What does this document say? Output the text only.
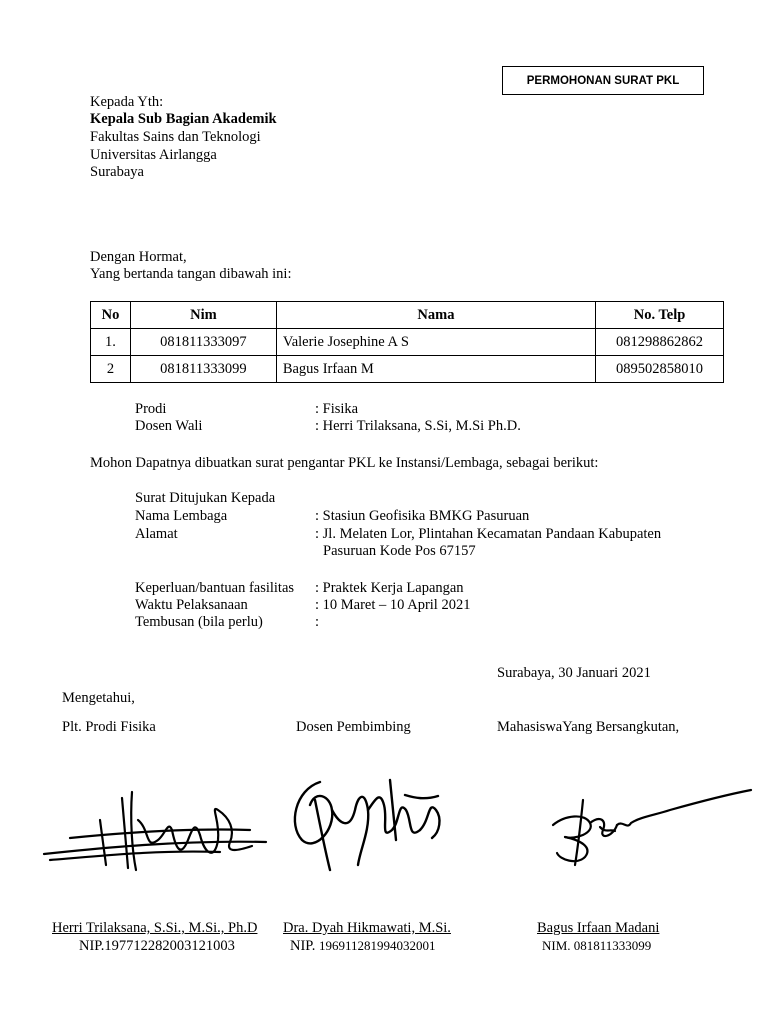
PERMOHONAN SURAT PKL
Kepada Yth:
Kepala Sub Bagian Akademik
Fakultas Sains dan Teknologi
Universitas Airlangga
Surabaya
Dengan Hormat,
Yang bertanda tangan dibawah ini:
No	Nim	Nama	No. Telp
1.	081811333097	Valerie Josephine A S	081298862862
2	081811333099	Bagus Irfaan M	089502858010
Prodi	: Fisika
Dosen Wali	: Herri Trilaksana, S.Si, M.Si Ph.D.
Mohon Dapatnya dibuatkan surat pengantar PKL ke Instansi/Lembaga, sebagai berikut:
Surat Ditujukan Kepada
Nama Lembaga	: Stasiun Geofisika BMKG Pasuruan
Alamat	: Jl. Melaten Lor, Plintahan Kecamatan Pandaan Kabupaten
Pasuruan Kode Pos 67157
Keperluan/bantuan fasilitas : Praktek Kerja Lapangan
Waktu Pelaksanaan	: 10 Maret – 10 April 2021
Tembusan (bila perlu)	:
Surabaya, 30 Januari 2021
Mengetahui,
Plt. Prodi Fisika	Dosen Pembimbing	MahasiswaYang Bersangkutan,
Herri Trilaksana, S.Si., M.Si., Ph.D
NIP.197712282003121003
Dra. Dyah Hikmawati, M.Si.
NIP. 196911281994032001
Bagus Irfaan Madani
NIM. 081811333099
